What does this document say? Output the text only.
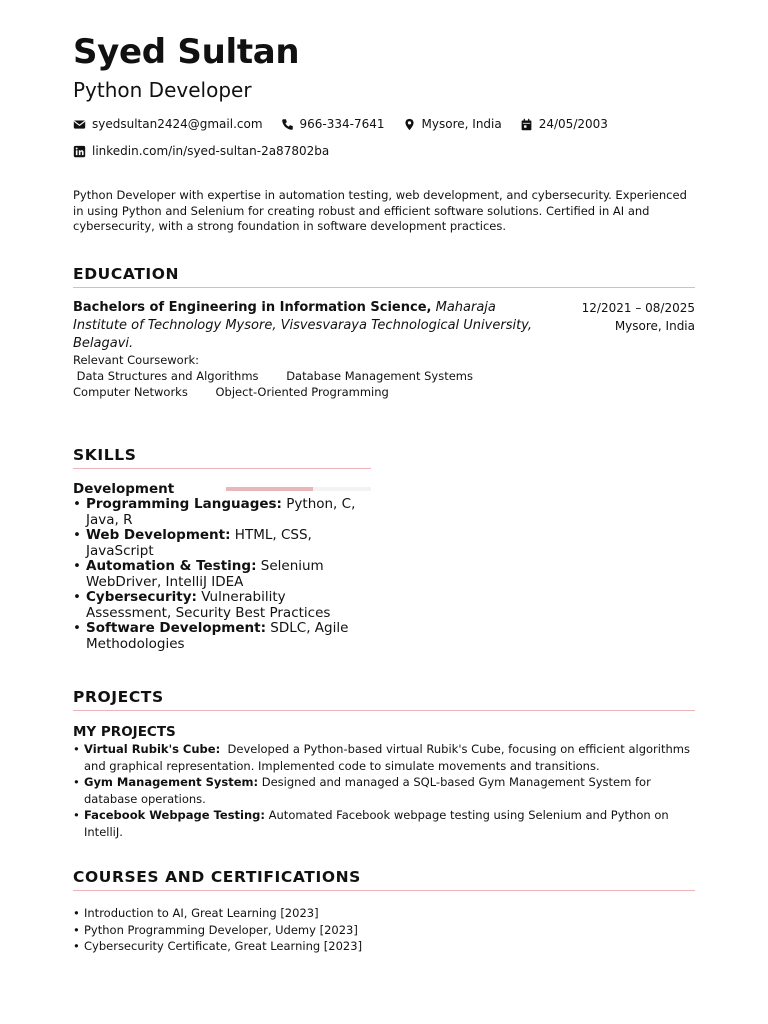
Syed Sultan
Python Developer
syedsultan2424@gmail.com	966-334-7641	Mysore, India	24/05/2003
linkedin.com/in/syed-sultan-2a87802ba

Python Developer with expertise in automation testing, web development, and cybersecurity. Experienced in using Python and Selenium for creating robust and efficient software solutions. Certified in AI and cybersecurity, with a strong foundation in software development practices.

EDUCATION
Bachelors of Engineering in Information Science, Maharaja Institute of Technology Mysore, Visvesvaraya Technological University, Belagavi.
12/2021 – 08/2025
Mysore, India
Relevant Coursework:
Data Structures and Algorithms Database Management Systems Computer Networks Object-Oriented Programming
SKILLS
Development
• Programming Languages: Python, C, Java, R
• Web Development: HTML, CSS, JavaScript
• Automation & Testing: Selenium WebDriver, IntelliJ IDEA
• Cybersecurity: Vulnerability Assessment, Security Best Practices
• Software Development: SDLC, Agile Methodologies
PROJECTS
MY PROJECTS
• Virtual Rubik's Cube: Developed a Python-based virtual Rubik's Cube, focusing on efficient algorithms and graphical representation. Implemented code to simulate movements and transitions.
• Gym Management System: Designed and managed a SQL-based Gym Management System for database operations.
• Facebook Webpage Testing: Automated Facebook webpage testing using Selenium and Python on IntelliJ.
COURSES AND CERTIFICATIONS
• Introduction to AI, Great Learning [2023]
• Python Programming Developer, Udemy [2023]
• Cybersecurity Certificate, Great Learning [2023]
